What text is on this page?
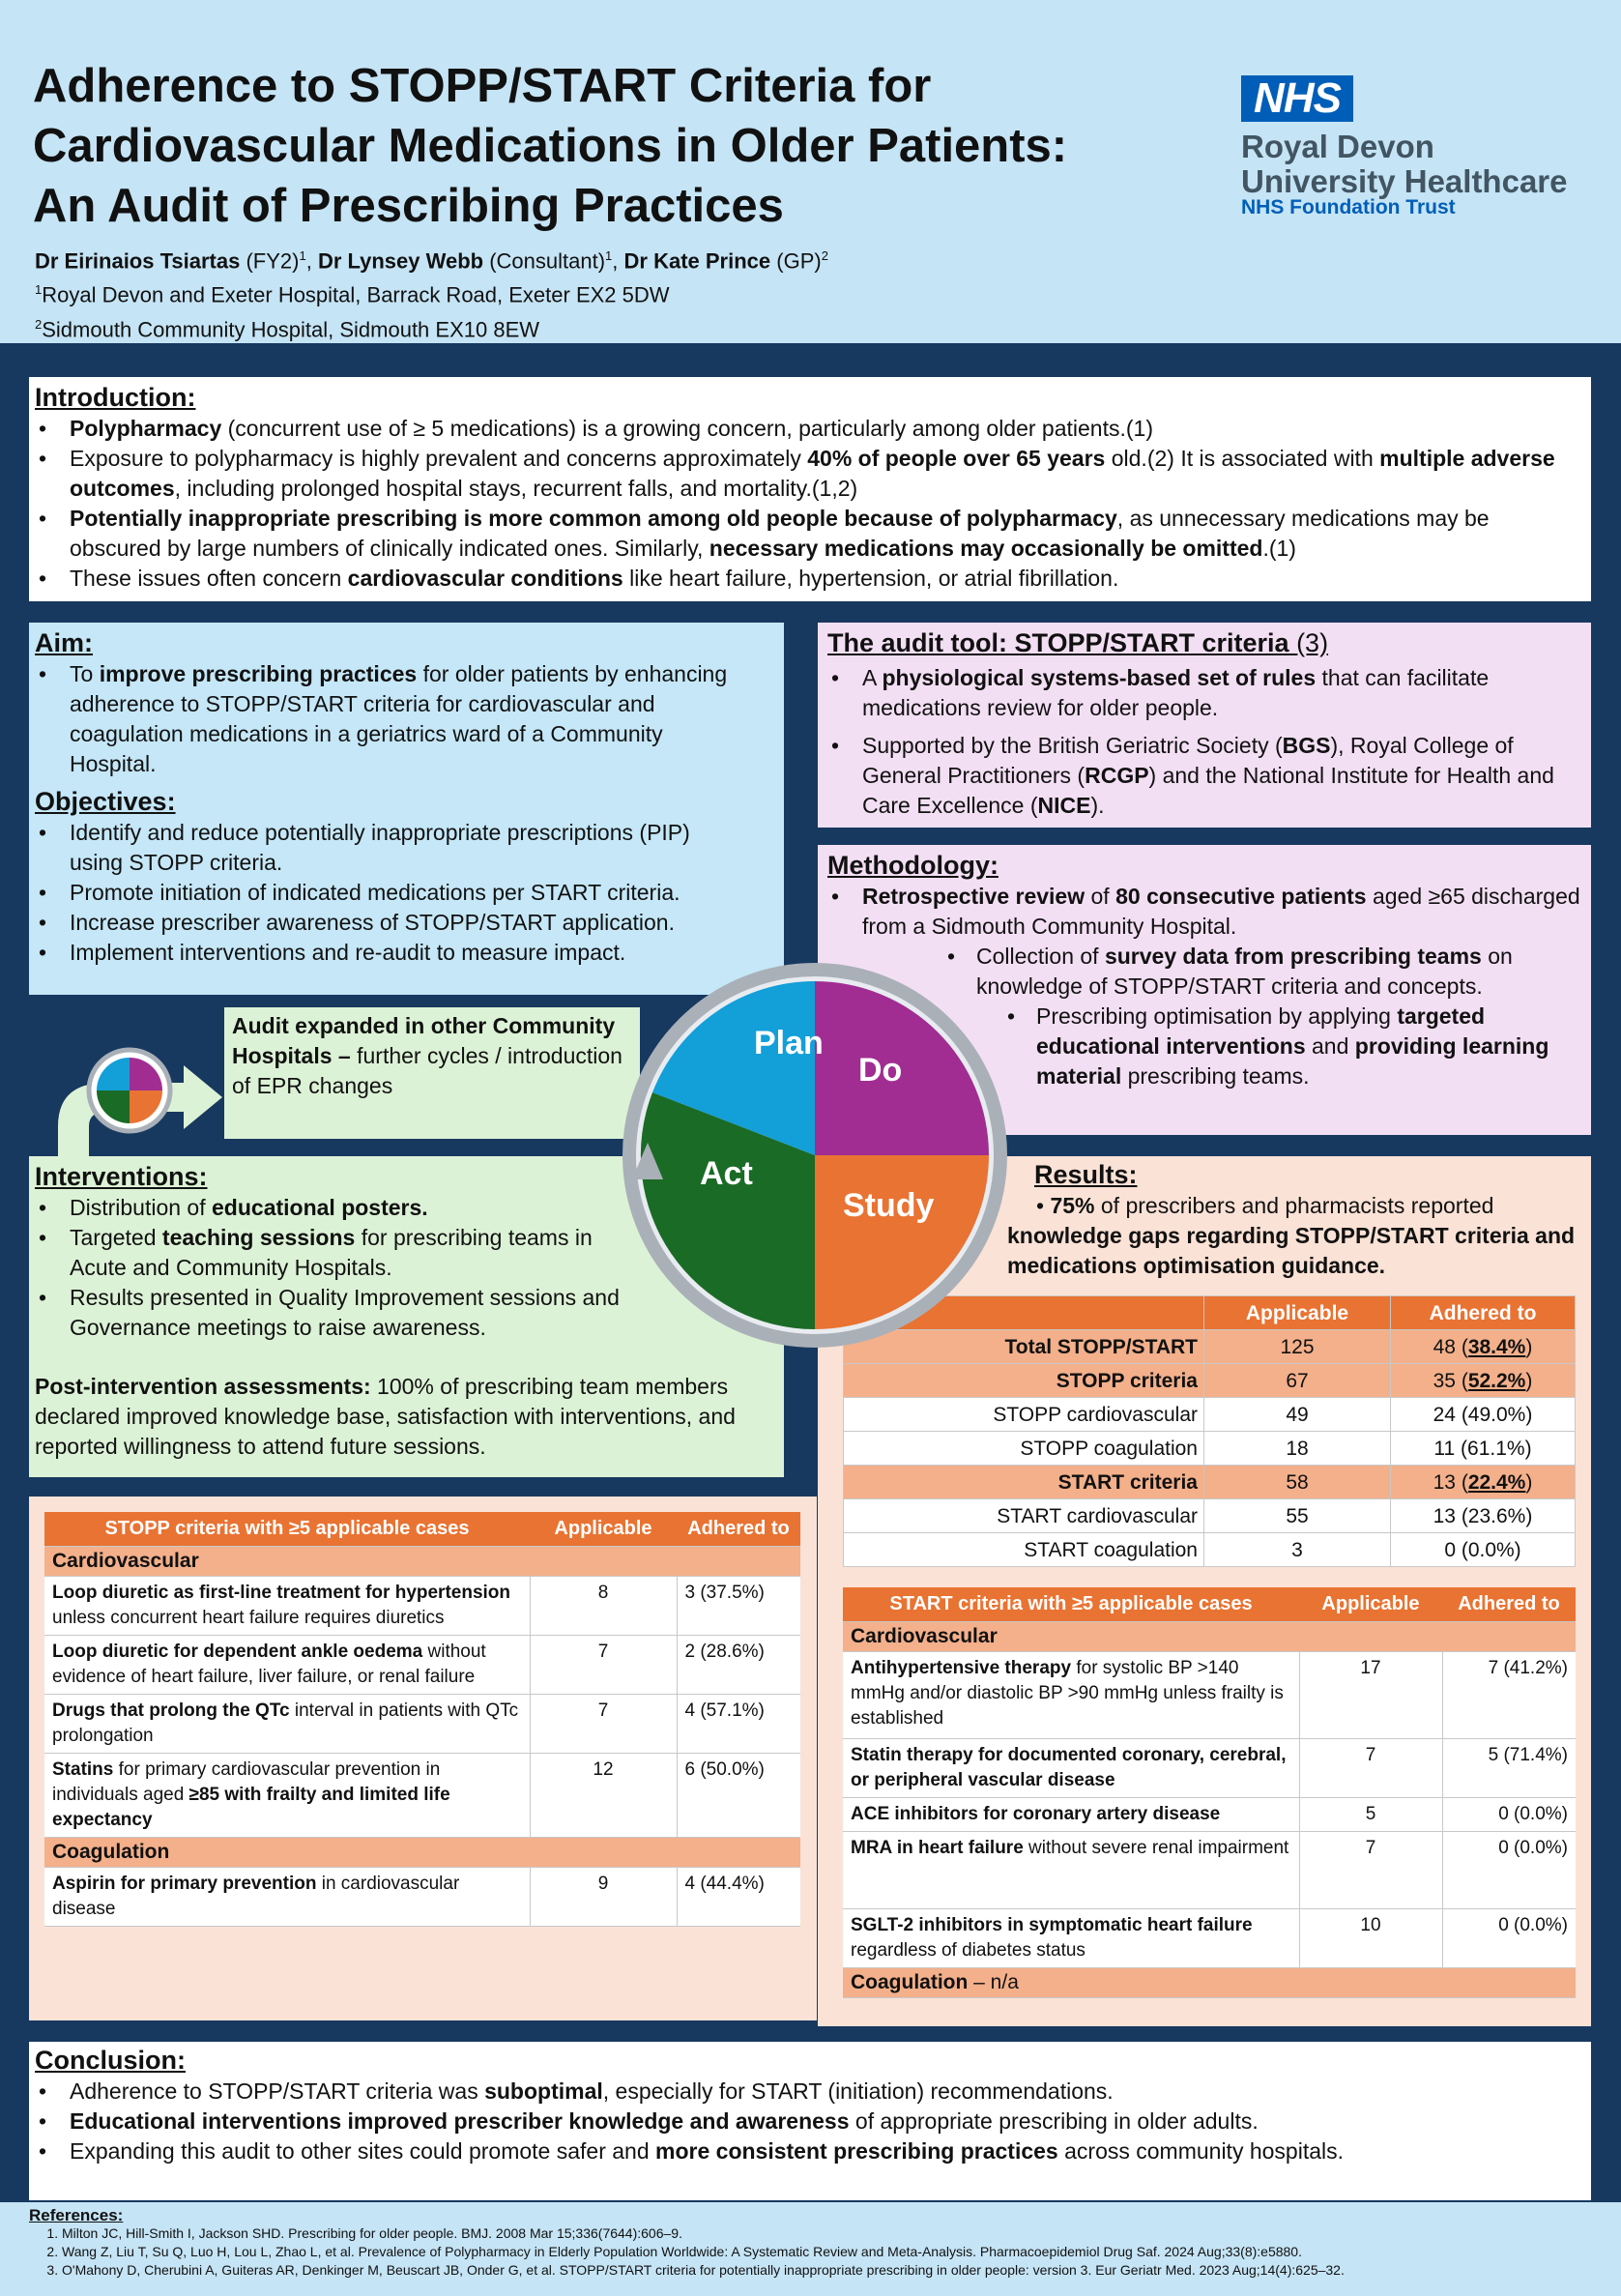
Adherence to STOPP/START Criteria for
Cardiovascular Medications in Older Patients:
An Audit of Prescribing Practices
Dr Eirinaios Tsiartas $(FY2)^1$, Dr Lynsey Webb (Consultant)$^1$, Dr Kate Prince (GP)$^2$
$^1$Royal Devon and Exeter Hospital, Barrack Road, Exeter EX2 5DW
$^2$Sidmouth Community Hospital, Sidmouth EX10 8EW
NHS
Royal Devon
University Healthcare
NHS Foundation Trust
Introduction:
• Polypharmacy (concurrent use of ≥ 5 medications) is a growing concern, particularly among older patients.(1)
• Exposure to polypharmacy is highly prevalent and concerns approximately 40% of people over 65 years old.(2) It is associated with multiple adverse outcomes, including prolonged hospital stays, recurrent falls, and mortality.(1,2)
• Potentially inappropriate prescribing is more common among old people because of polypharmacy, as unnecessary medications may be obscured by large numbers of clinically indicated ones. Similarly, necessary medications may occasionally be omitted.(1)
• These issues often concern cardiovascular conditions like heart failure, hypertension, or atrial fibrillation.
Aim:
• To improve prescribing practices for older patients by enhancing adherence to STOPP/START criteria for cardiovascular and coagulation medications in a geriatrics ward of a Community Hospital.
Objectives:
• Identify and reduce potentially inappropriate prescriptions (PIP) using STOPP criteria.
• Promote initiation of indicated medications per START criteria.
• Increase prescriber awareness of STOPP/START application.
• Implement interventions and re-audit to measure impact.
The audit tool: STOPP/START criteria (3)
• A physiological systems-based set of rules that can facilitate medications review for older people.
• Supported by the British Geriatric Society (BGS), Royal College of General Practitioners (RCGP) and the National Institute for Health and Care Excellence (NICE).
Methodology:
• Retrospective review of 80 consecutive patients aged ≥65 discharged from a Sidmouth Community Hospital.
• Collection of survey data from prescribing teams on knowledge of STOPP/START criteria and concepts.
• Prescribing optimisation by applying targeted educational interventions and providing learning material prescribing teams.
Interventions:
• Distribution of educational posters.
• Targeted teaching sessions for prescribing teams in Acute and Community Hospitals.
• Results presented in Quality Improvement sessions and Governance meetings to raise awareness.
Post-intervention assessments: 100% of prescribing team members declared improved knowledge base, satisfaction with interventions, and reported willingness to attend future sessions.
Audit expanded in other Community Hospitals – further cycles / introduction of EPR changes
Results:
• 75% of prescribers and pharmacists reported knowledge gaps regarding STOPP/START criteria and medications optimisation guidance.
	Applicable	Adhered to
Total STOPP/START	125	48 (38.4%)
STOPP criteria	67	35 (52.2%)
STOPP cardiovascular	49	24 (49.0%)
STOPP coagulation	18	11 (61.1%)
START criteria	58	13 (22.4%)
START cardiovascular	55	13 (23.6%)
START coagulation	3	0 (0.0%)
START criteria with ≥5 applicable cases	Applicable	Adhered to
Cardiovascular		
Antihypertensive therapy for systolic BP >140 mmHg and/or diastolic BP >90 mmHg unless frailty is established	17	7 (41.2%)
Statin therapy for documented coronary, cerebral, or peripheral vascular disease	7	5 (71.4%)
ACE inhibitors for coronary artery disease	5	0 (0.0%)
MRA in heart failure without severe renal impairment	7	0 (0.0%)
SGLT-2 inhibitors in symptomatic heart failure regardless of diabetes status	10	0 (0.0%)
Coagulation – n/a		
STOPP criteria with ≥5 applicable cases	Applicable	Adhered to
Cardiovascular		
Loop diuretic as first-line treatment for hypertension unless concurrent heart failure requires diuretics	8	3 (37.5%)
Loop diuretic for dependent ankle oedema without evidence of heart failure, liver failure, or renal failure	7	2 (28.6%)
Drugs that prolong the QTc interval in patients with QTc prolongation	7	4 (57.1%)
Statins for primary cardiovascular prevention in individuals aged ≥85 with frailty and limited life expectancy	12	6 (50.0%)
Coagulation		
Aspirin for primary prevention in cardiovascular disease	9	4 (44.4%)
Plan
Do
Act
Study
Conclusion:
• Adherence to STOPP/START criteria was suboptimal, especially for START (initiation) recommendations.
• Educational interventions improved prescriber knowledge and awareness of appropriate prescribing in older adults.
• Expanding this audit to other sites could promote safer and more consistent prescribing practices across community hospitals.
References:
1. Milton JC, Hill-Smith I, Jackson SHD. Prescribing for older people. BMJ. 2008 Mar 15;336(7644):606–9.
2. Wang Z, Liu T, Su Q, Luo H, Lou L, Zhao L, et al. Prevalence of Polypharmacy in Elderly Population Worldwide: A Systematic Review and Meta-Analysis. Pharmacoepidemiol Drug Saf. 2024 Aug;33(8):e5880.
3. O'Mahony D, Cherubini A, Guiteras AR, Denkinger M, Beuscart JB, Onder G, et al. STOPP/START criteria for potentially inappropriate prescribing in older people: version 3. Eur Geriatr Med. 2023 Aug;14(4):625–32.
